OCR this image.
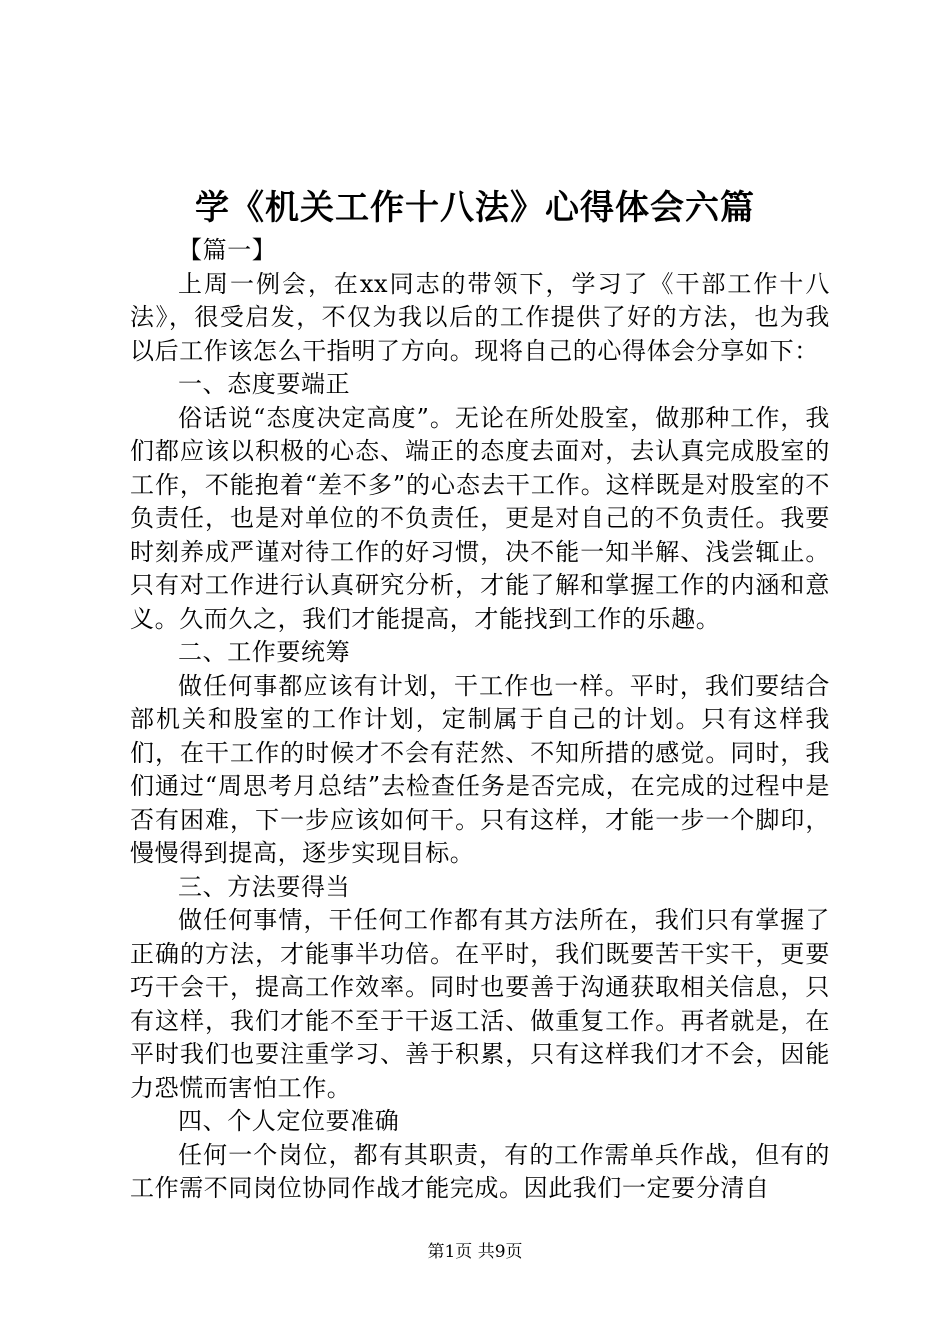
学《机关工作十八法》心得体会六篇

【篇一】

上周一例会，在xx同志的带领下，学习了《干部工作十八法》，很受启发，不仅为我以后的工作提供了好的方法，也为我以后工作该怎么干指明了方向。现将自己的心得体会分享如下：

一、态度要端正

俗话说“态度决定高度”。无论在所处股室，做那种工作，我们都应该以积极的心态、端正的态度去面对，去认真完成股室的工作，不能抱着“差不多”的心态去干工作。这样既是对股室的不负责任，也是对单位的不负责任，更是对自己的不负责任。我要时刻养成严谨对待工作的好习惯，决不能一知半解、浅尝辄止。只有对工作进行认真研究分析，才能了解和掌握工作的内涵和意义。久而久之，我们才能提高，才能找到工作的乐趣。

二、工作要统筹

做任何事都应该有计划，干工作也一样。平时，我们要结合部机关和股室的工作计划，定制属于自己的计划。只有这样我们，在干工作的时候才不会有茫然、不知所措的感觉。同时，我们通过“周思考月总结”去检查任务是否完成，在完成的过程中是否有困难，下一步应该如何干。只有这样，才能一步一个脚印，慢慢得到提高，逐步实现目标。

三、方法要得当

做任何事情，干任何工作都有其方法所在，我们只有掌握了正确的方法，才能事半功倍。在平时，我们既要苦干实干，更要巧干会干，提高工作效率。同时也要善于沟通获取相关信息，只有这样，我们才能不至于干返工活、做重复工作。再者就是，在平时我们也要注重学习、善于积累，只有这样我们才不会，因能力恐慌而害怕工作。

四、个人定位要准确

任何一个岗位，都有其职责，有的工作需单兵作战，但有的工作需不同岗位协同作战才能完成。因此我们一定要分清自

第1页 共9页
